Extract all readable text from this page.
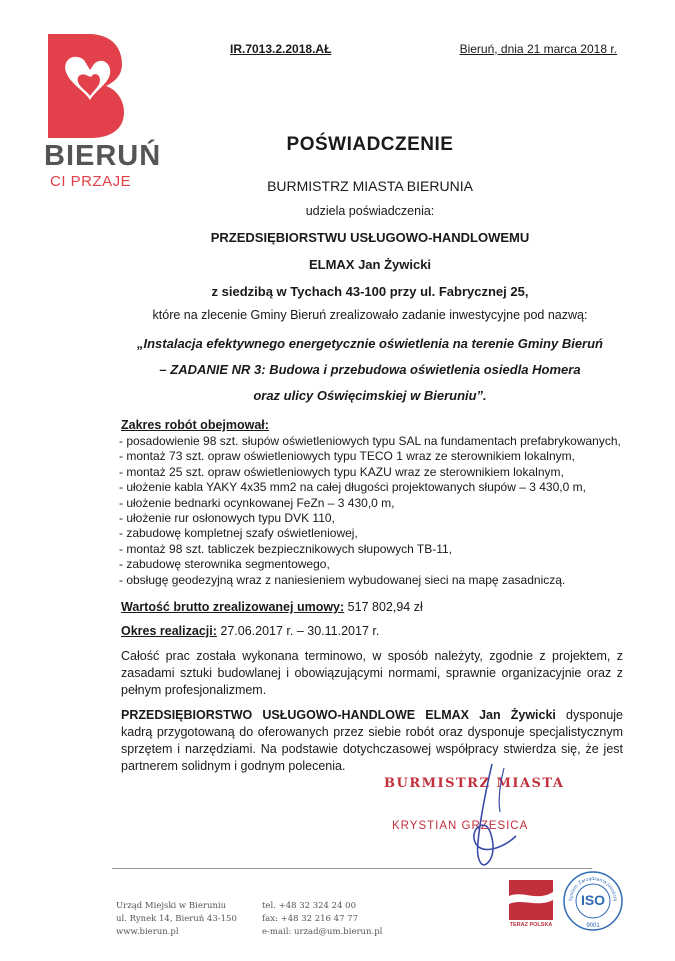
BIERUŃ
CI PRZAJE
IR.7013.2.2018.AŁ	Bieruń, dnia 21 marca 2018 r.
POŚWIADCZENIE
BURMISTRZ MIASTA BIERUNIA
udziela poświadczenia:
PRZEDSIĘBIORSTWU USŁUGOWO-HANDLOWEMU
ELMAX Jan Żywicki
z siedzibą w Tychach 43-100 przy ul. Fabrycznej 25,
które na zlecenie Gminy Bieruń zrealizowało zadanie inwestycyjne pod nazwą:
„Instalacja efektywnego energetycznie oświetlenia na terenie Gminy Bieruń
– ZADANIE NR 3: Budowa i przebudowa oświetlenia osiedla Homera
oraz ulicy Oświęcimskiej w Bieruniu”.
Zakres robót obejmował:
- posadowienie 98 szt. słupów oświetleniowych typu SAL na fundamentach prefabrykowanych,
- montaż 73 szt. opraw oświetleniowych typu TECO 1 wraz ze sterownikiem lokalnym,
- montaż 25 szt. opraw oświetleniowych typu KAZU wraz ze sterownikiem lokalnym,
- ułożenie kabla YAKY 4x35 mm2 na całej długości projektowanych słupów – 3 430,0 m,
- ułożenie bednarki ocynkowanej FeZn – 3 430,0 m,
- ułożenie rur osłonowych typu DVK 110,
- zabudowę kompletnej szafy oświetleniowej,
- montaż 98 szt. tabliczek bezpiecznikowych słupowych TB-11,
- zabudowę sterownika segmentowego,
- obsługę geodezyjną wraz z naniesieniem wybudowanej sieci na mapę zasadniczą.
Wartość brutto zrealizowanej umowy: 517 802,94 zł
Okres realizacji: 27.06.2017 r. – 30.11.2017 r.
Całość prac została wykonana terminowo, w sposób należyty, zgodnie z projektem, z zasadami sztuki budowlanej i obowiązującymi normami, sprawnie organizacyjnie oraz z pełnym profesjonalizmem.
PRZEDSIĘBIORSTWO USŁUGOWO-HANDLOWE ELMAX Jan Żywicki dysponuje kadrą przygotowaną do oferowanych przez siebie robót oraz dysponuje specjalistycznym sprzętem i narzędziami. Na podstawie dotychczasowej współpracy stwierdza się, że jest partnerem solidnym i godnym polecenia.
BURMISTRZ MIASTA
KRYSTIAN GRZESICA
Urząd Miejski w Bieruniu
ul. Rynek 14, Bieruń 43-150
www.bierun.pl
tel. +48 32 324 24 00
fax: +48 32 216 47 77
e-mail: urzad@um.bierun.pl
TERAZ POLSKA
System Zarządzania Jakością
ISO
9001
